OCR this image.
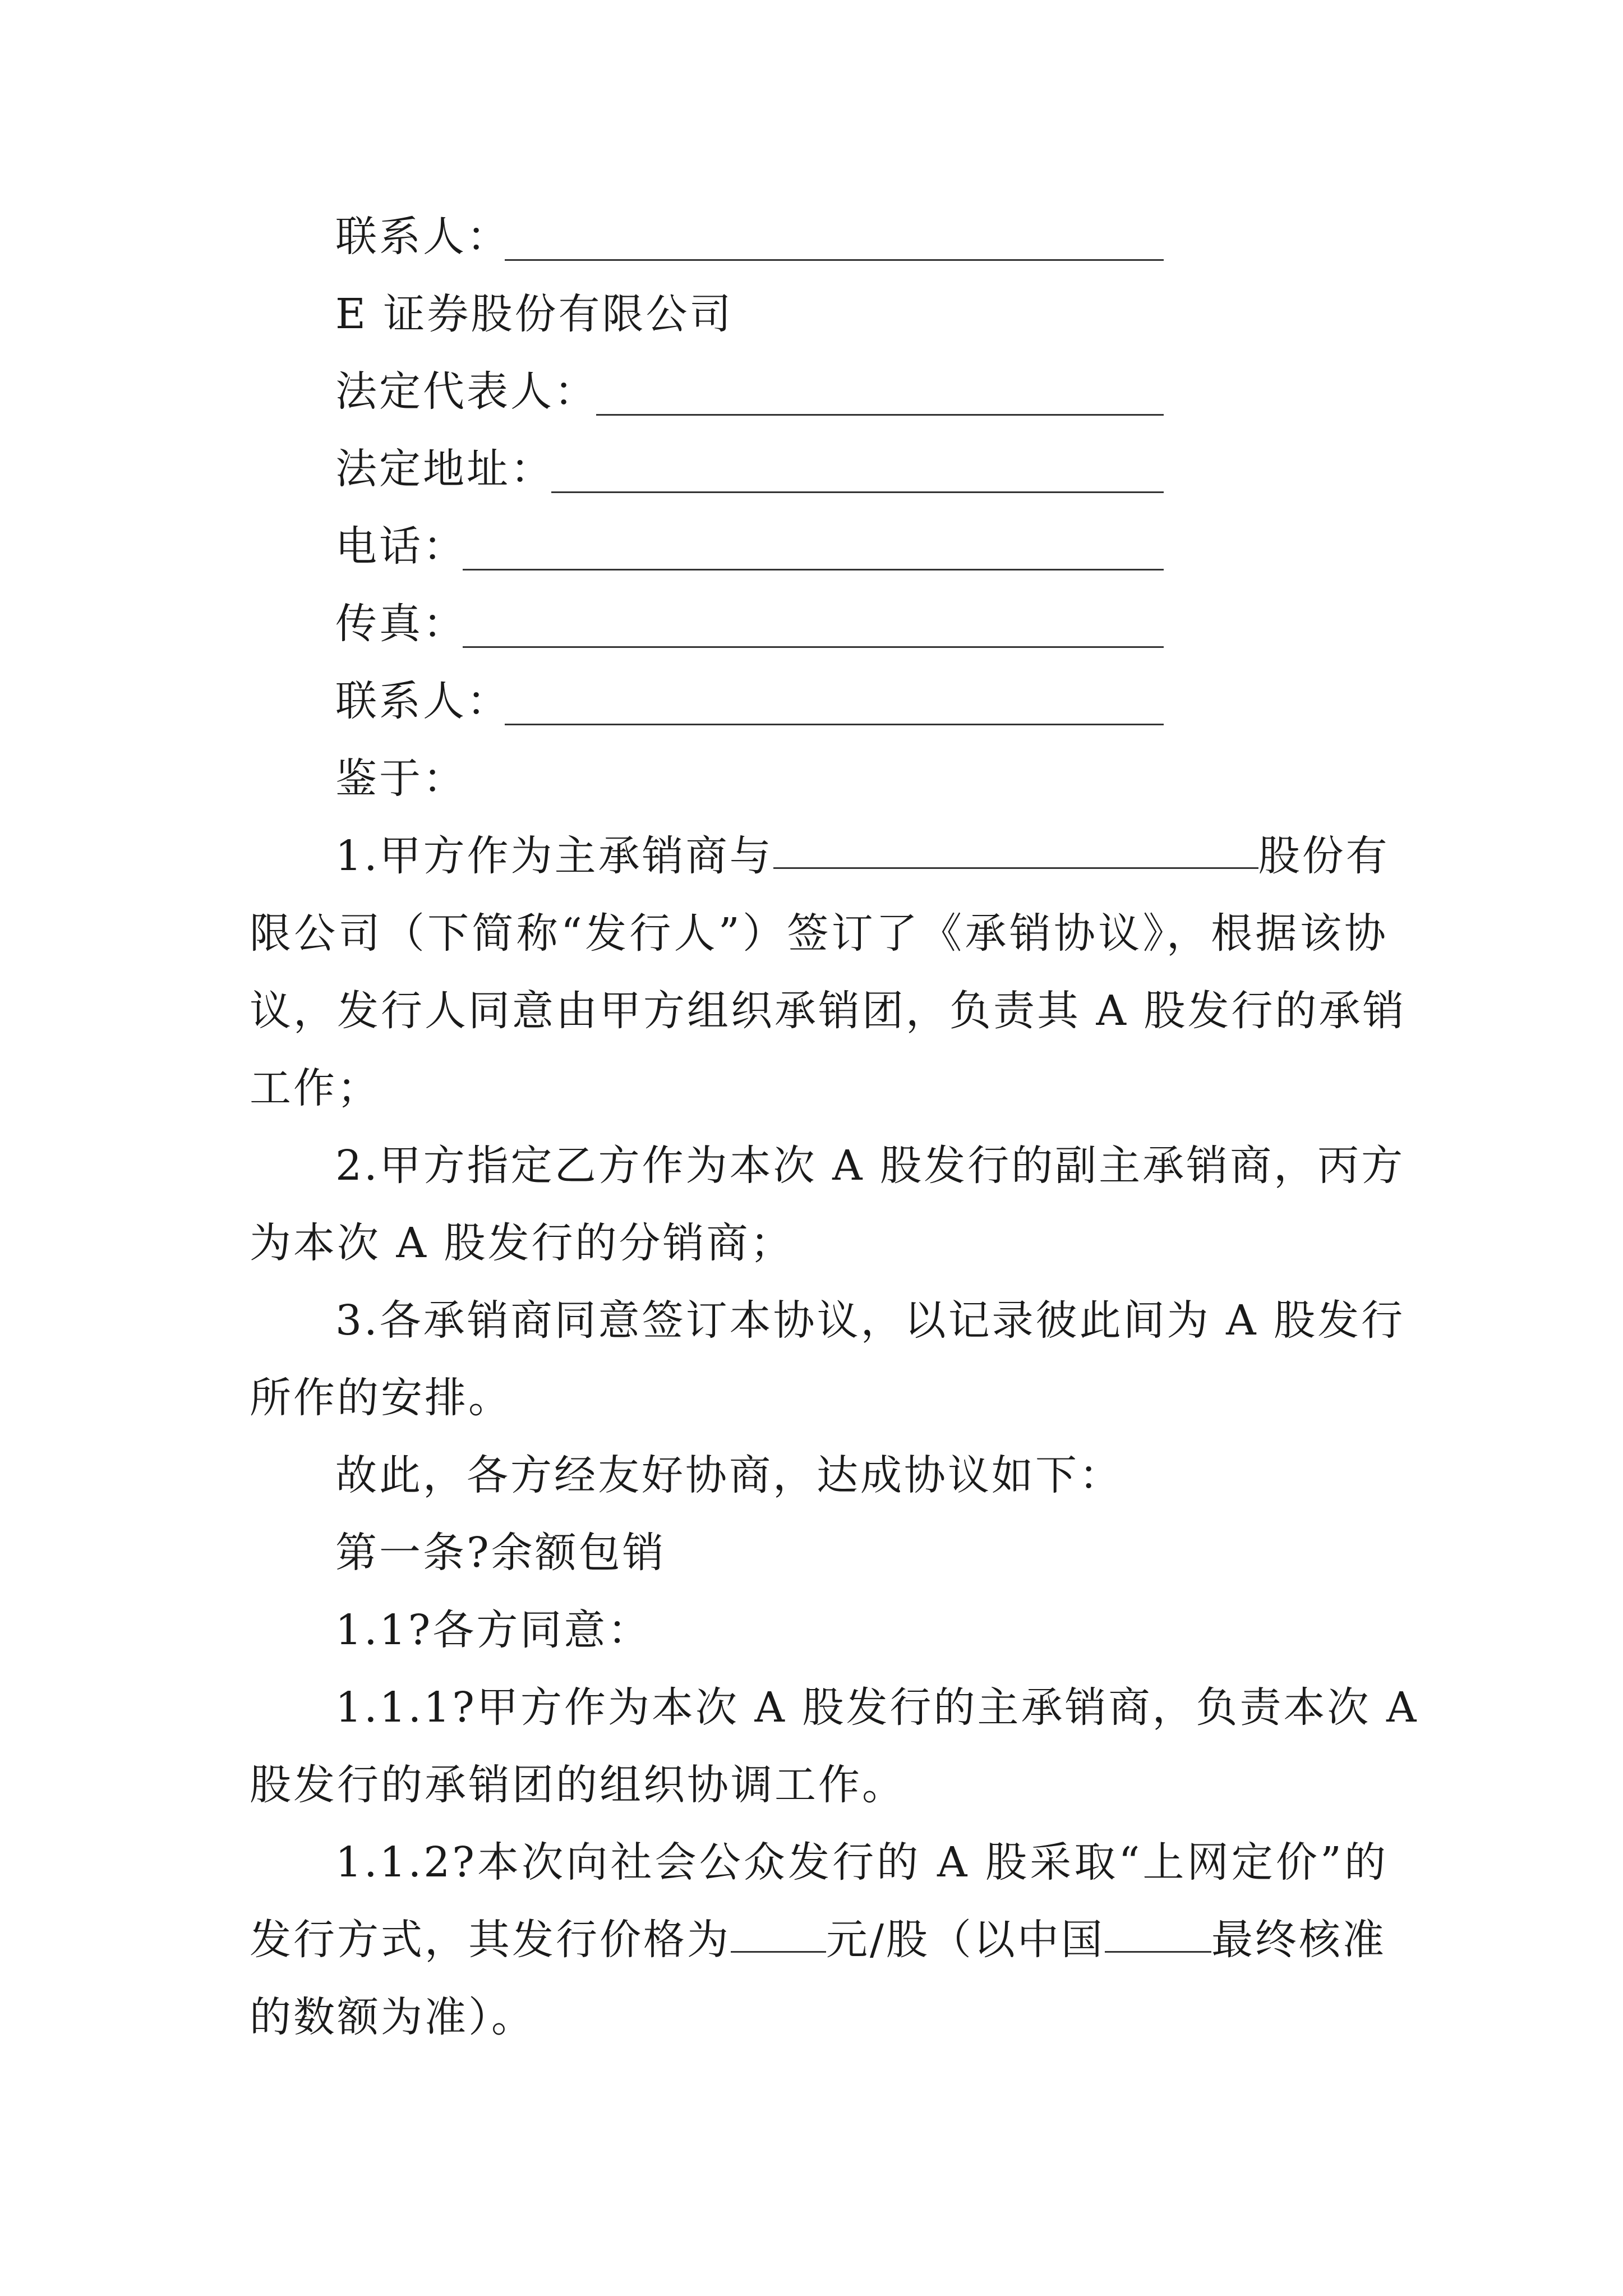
联系人：
E 证券股份有限公司
法定代表人：
法定地址：
电话：
传真：
联系人：
鉴于：
1.甲方作为主承销商与	股份有
限公司（下简称“发行人”）签订了《承销协议》，根据该协
议，发行人同意由甲方组织承销团，负责其 A 股发行的承销
工作；
2.甲方指定乙方作为本次 A 股发行的副主承销商，丙方
为本次 A 股发行的分销商；
3.各承销商同意签订本协议，以记录彼此间为 A 股发行
所作的安排。
故此，各方经友好协商，达成协议如下：
第一条?余额包销
1.1?各方同意：
1.1.1?甲方作为本次 A 股发行的主承销商，负责本次 A
股发行的承销团的组织协调工作。
1.1.2?本次向社会公众发行的 A 股采取“上网定价”的
发行方式，其发行价格为 元/股（以中国	最终核准
的数额为准）。
